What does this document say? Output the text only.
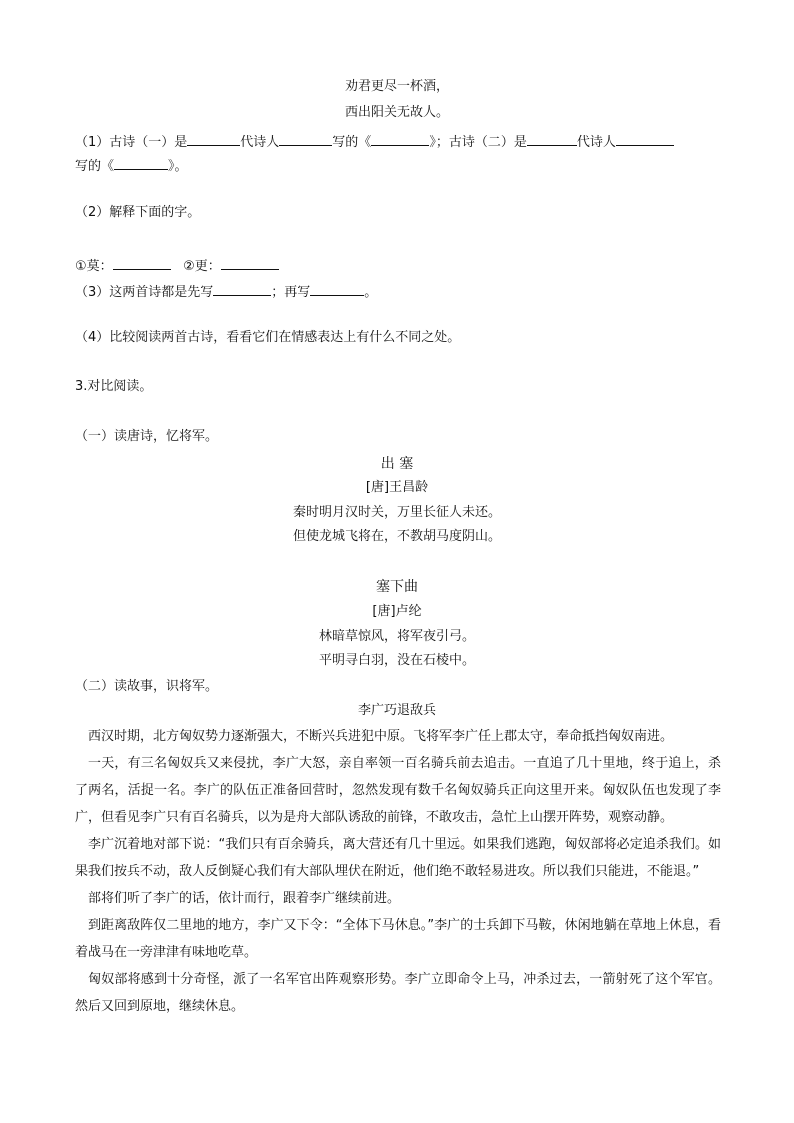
劝君更尽一杯酒，
西出阳关无故人。
（1）古诗（一）是	代诗人	写的《	》；古诗（二）是	代诗人
写的《	》。
（2）解释下面的字。
①莫：	②更：
（3）这两首诗都是先写	；再写	。
（4）比较阅读两首古诗，看看它们在情感表达上有什么不同之处。
3.对比阅读。
（一）读唐诗，忆将军。
出 塞
[唐]王昌龄
秦时明月汉时关，万里长征人未还。
但使龙城飞将在，不教胡马度阴山。
塞下曲
[唐]卢纶
林暗草惊风，将军夜引弓。
平明寻白羽，没在石棱中。
（二）读故事，识将军。
李广巧退敌兵

西汉时期，北方匈奴势力逐渐强大，不断兴兵进犯中原。飞将军李广任上郡太守，奉命抵挡匈奴南进。

一天，有三名匈奴兵又来侵扰，李广大怒，亲自率领一百名骑兵前去追击。一直追了几十里地，终于追上，杀了两名，活捉一名。李广的队伍正准备回营时，忽然发现有数千名匈奴骑兵正向这里开来。匈奴队伍也发现了李广，但看见李广只有百名骑兵，以为是舟大部队诱敌的前锋，不敢攻击，急忙上山摆开阵势，观察动静。

李广沉着地对部下说：“我们只有百余骑兵，离大营还有几十里远。如果我们逃跑，匈奴部将必定追杀我们。如果我们按兵不动，敌人反倒疑心我们有大部队埋伏在附近，他们绝不敢轻易进攻。所以我们只能进，不能退。”

部将们听了李广的话，依计而行，跟着李广继续前进。

到距离敌阵仅二里地的地方，李广又下令：“全体下马休息。”李广的士兵卸下马鞍，休闲地躺在草地上休息，看着战马在一旁津津有味地吃草。

匈奴部将感到十分奇怪，派了一名军官出阵观察形势。李广立即命令上马，冲杀过去，一箭射死了这个军官。然后又回到原地，继续休息。
